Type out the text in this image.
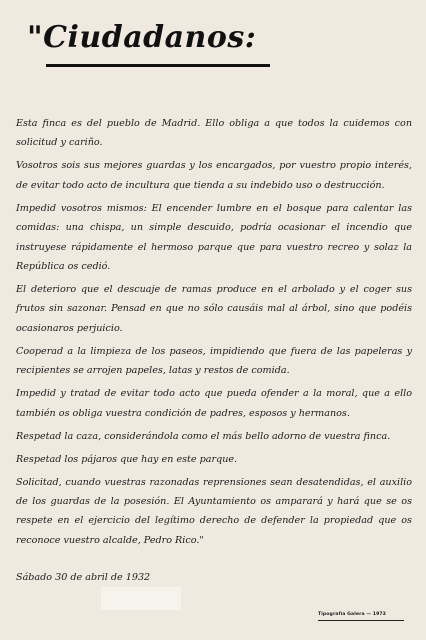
"Ciudadanos:

Esta finca es del pueblo de Madrid. Ello obliga a que todos la cuidemos con solicitud y cariño.

Vosotros sois sus mejores guardas y los encargados, por vuestro propio interés, de evitar todo acto de incultura que tienda a su indebido uso o destrucción.

Impedid vosotros mismos: El encender lumbre en el bosque para calentar las comidas: una chispa, un simple descuido, podría ocasionar el incendio que instruyese rápidamente el hermoso parque que para vuestro recreo y solaz la República os cedió.

El deterioro que el descuaje de ramas produce en el arbolado y el coger sus frutos sin sazonar. Pensad en que no sólo causáis mal al árbol, sino que podéis ocasionaros perjuicio.

Cooperad a la limpieza de los paseos, impidiendo que fuera de las papeleras y recipientes se arrojen papeles, latas y restos de comida.

Impedid y tratad de evitar todo acto que pueda ofender a la moral, que a ello también os obliga vuestra condición de padres, esposos y hermanos.

Respetad la caza, considerándola como el más bello adorno de vuestra finca.

Respetad los pájaros que hay en este parque.

Solicitad, cuando vuestras razonadas reprensiones sean desatendidas, el auxilio de los guardas de la posesión. El Ayuntamiento os amparará y hará que se os respete en el ejercicio del legítimo derecho de defender la propiedad que os reconoce vuestro alcalde, Pedro Rico."

Sábado 30 de abril de 1932
Tipografía Galera — 1973
